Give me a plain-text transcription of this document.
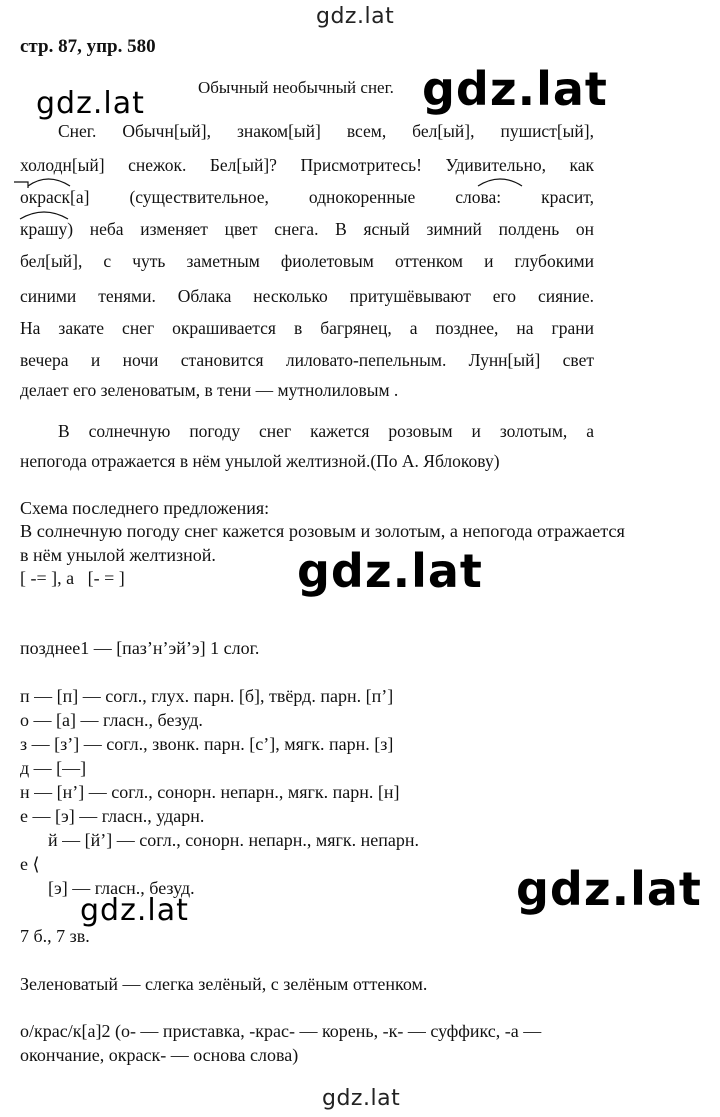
gdz.lat
gdz.lat
gdz.lat
gdz.lat
gdz.lat
gdz.lat
gdz.lat
стр. 87, упр. 580
Обычный необычный снег.
Снег. Обычн[ый], знаком[ый] всем, бел[ый], пушист[ый],
холодн[ый] снежок. Бел[ый]? Присмотритесь! Удивительно, как
окраск[а] (существительное, однокоренные слова: красит,
крашу) неба изменяет цвет снега. В ясный зимний полдень он
бел[ый], с чуть заметным фиолетовым оттенком и глубокими
синими тенями. Облака несколько притушёвывают его сияние.
На закате снег окрашивается в багрянец, а позднее, на грани
вечера и ночи становится лиловато-пепельным. Лунн[ый] свет
делает его зеленоватым, в тени — мутнолиловым .
В солнечную погоду снег кажется розовым и золотым, а
непогода отражается в нём унылой желтизной.(По А. Яблокову)
Схема последнего предложения:
В солнечную погоду снег кажется розовым и золотым, а непогода отражается
в нём унылой желтизной.
[ -= ], а   [- = ]
позднее1 — [паз’н’эй’э] 1 слог.
п — [п] — согл., глух. парн. [б], твёрд. парн. [п’]
о — [а] — гласн., безуд.
з — [з’] — согл., звонк. парн. [с’], мягк. парн. [з]
д — [—]
н — [н’] — согл., сонорн. непарн., мягк. парн. [н]
е — [э] — гласн., ударн.
й — [й’] — согл., сонорн. непарн., мягк. непарн.
е ⟨
[э] — гласн., безуд.
7 б., 7 зв.
Зеленоватый — слегка зелёный, с зелёным оттенком.
о/крас/к[а]2 (о- — приставка, -крас- — корень, -к- — суффикс, -а —
окончание, окраск- — основа слова)
